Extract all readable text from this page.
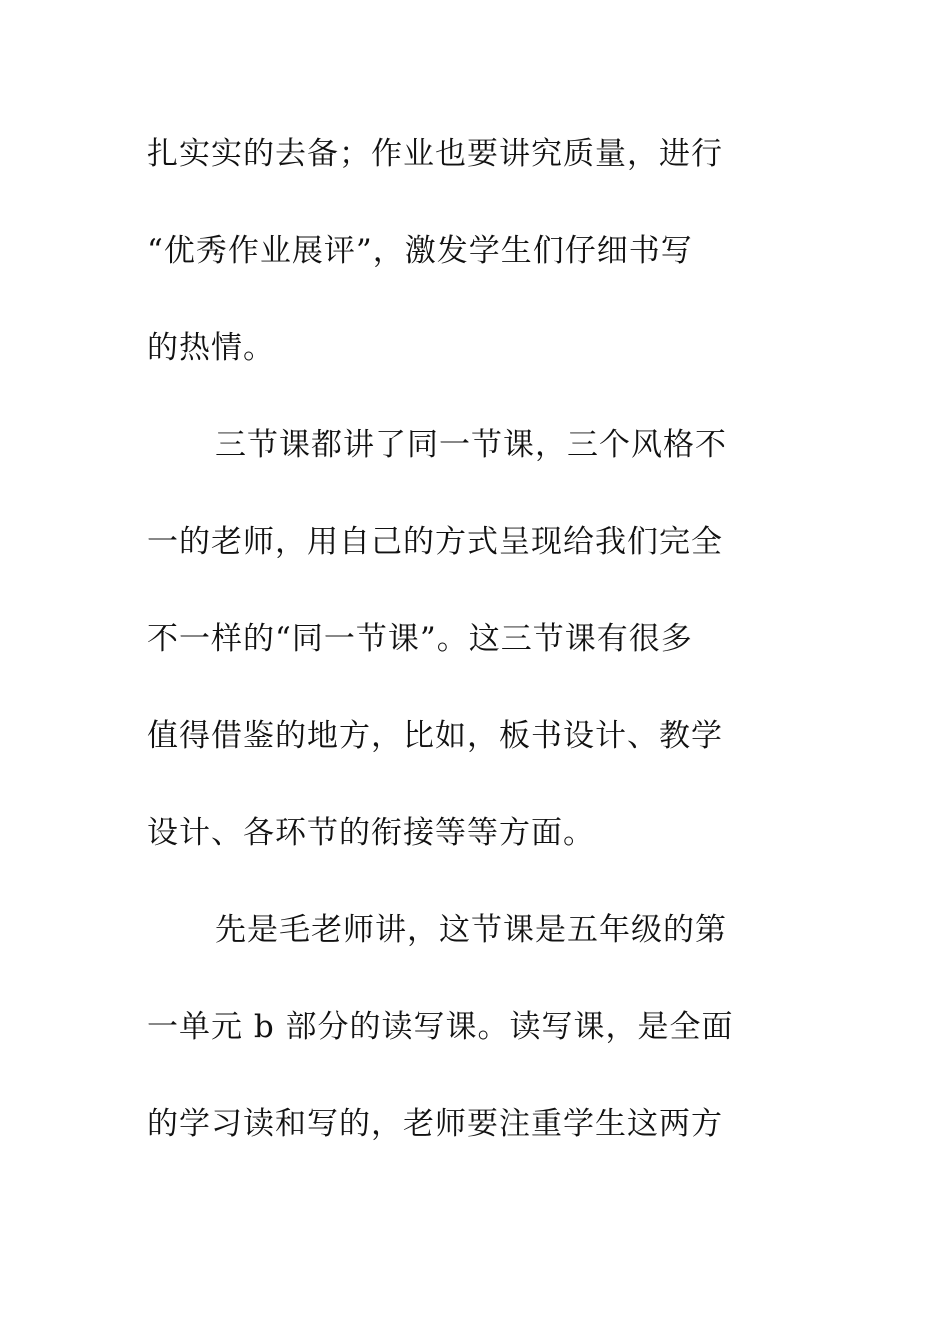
扎实实的去备；作业也要讲究质量，进行
“优秀作业展评”，激发学生们仔细书写
的热情。
三节课都讲了同一节课，三个风格不
一的老师，用自己的方式呈现给我们完全
不一样的“同一节课”。这三节课有很多
值得借鉴的地方，比如，板书设计、教学
设计、各环节的衔接等等方面。
先是毛老师讲，这节课是五年级的第
一单元 b 部分的读写课。读写课，是全面
的学习读和写的，老师要注重学生这两方
